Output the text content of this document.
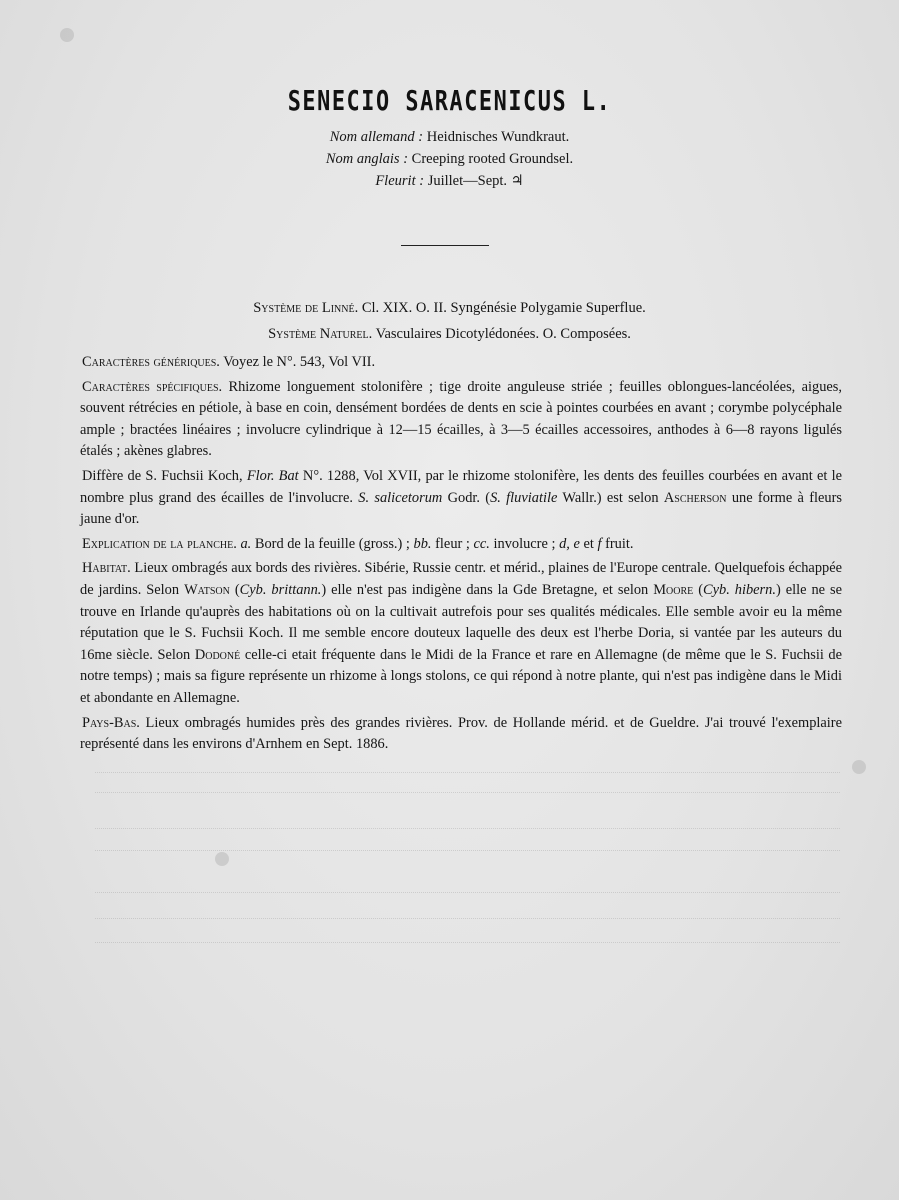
SENECIO SARACENICUS L.
Nom allemand : Heidnisches Wundkraut.
Nom anglais : Creeping rooted Groundsel.
Fleurit : Juillet—Sept. ♃
Système de Linné. Cl. XIX. O. II. Syngénésie Polygamie Superflue.
Système Naturel. Vasculaires Dicotylédonées. O. Composées.

Caractères génériques. Voyez le N°. 543, Vol VII.

Caractères spécifiques. Rhizome longuement stolonifère ; tige droite anguleuse striée ; feuilles oblongues-lancéolées, aigues, souvent rétrécies en pétiole, à base en coin, densément bordées de dents en scie à pointes courbées en avant ; corymbe polycéphale ample ; bractées linéaires ; involucre cylindrique à 12—15 écailles, à 3—5 écailles accessoires, anthodes à 6—8 rayons ligulés étalés ; akènes glabres.

Diffère de S. Fuchsii Koch, Flor. Bat N°. 1288, Vol XVII, par le rhizome stolonifère, les dents des feuilles courbées en avant et le nombre plus grand des écailles de l'involucre. S. salicetorum Godr. (S. fluviatile Wallr.) est selon Ascherson une forme à fleurs jaune d'or.

Explication de la planche. a. Bord de la feuille (gross.) ; bb. fleur ; cc. involucre ; d, e et f fruit.

Habitat. Lieux ombragés aux bords des rivières. Sibérie, Russie centr. et mérid., plaines de l'Europe centrale. Quelquefois échappée de jardins. Selon Watson (Cyb. brittann.) elle n'est pas indigène dans la Gde Bretagne, et selon Moore (Cyb. hibern.) elle ne se trouve en Irlande qu'auprès des habitations où on la cultivait autrefois pour ses qualités médicales. Elle semble avoir eu la même réputation que le S. Fuchsii Koch. Il me semble encore douteux laquelle des deux est l'herbe Doria, si vantée par les auteurs du 16me siècle. Selon Dodoné celle-ci etait fréquente dans le Midi de la France et rare en Allemagne (de même que le S. Fuchsii de notre temps) ; mais sa figure représente un rhizome à longs stolons, ce qui répond à notre plante, qui n'est pas indigène dans le Midi et abondante en Allemagne.

Pays-Bas. Lieux ombragés humides près des grandes rivières. Prov. de Hollande mérid. et de Gueldre. J'ai trouvé l'exemplaire représenté dans les environs d'Arnhem en Sept. 1886.
